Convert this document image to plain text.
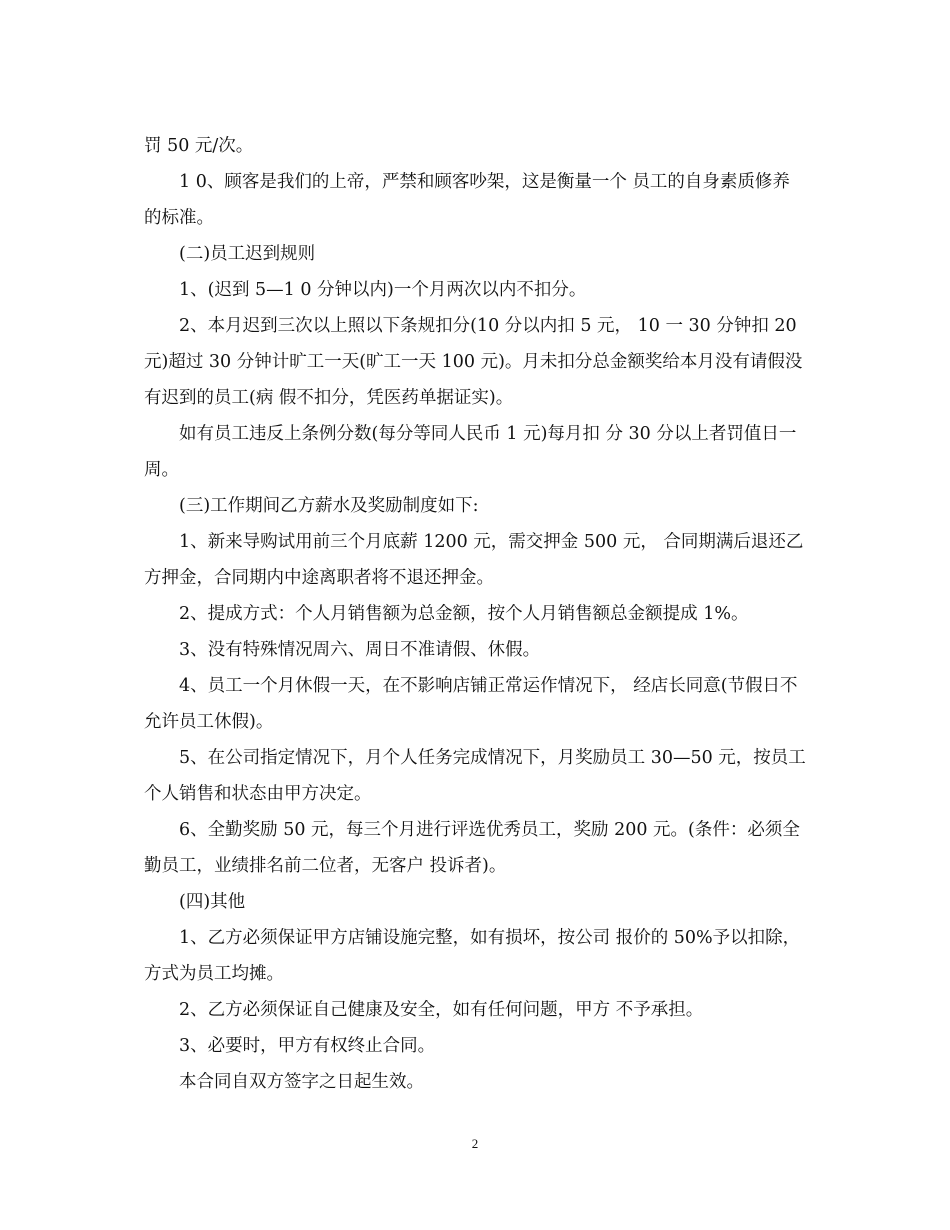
罚 50 元/次。

1 0、顾客是我们的上帝，严禁和顾客吵架，这是衡量一个 员工的自身素质修养的标准。

(二)员工迟到规则

1、(迟到 5—1 0 分钟以内)一个月两次以内不扣分。

2、本月迟到三次以上照以下条规扣分(10 分以内扣 5 元， 10 一 30 分钟扣 20 元)超过 30 分钟计旷工一天(旷工一天 100 元)。月未扣分总金额奖给本月没有请假没有迟到的员工(病 假不扣分，凭医药单据证实)。

如有员工违反上条例分数(每分等同人民币 1 元)每月扣 分 30 分以上者罚值日一周。

(三)工作期间乙方薪水及奖励制度如下:

1、新来导购试用前三个月底薪 1200 元，需交押金 500 元， 合同期满后退还乙方押金，合同期内中途离职者将不退还押金。

2、提成方式：个人月销售额为总金额，按个人月销售额总金额提成 1%。

3、没有特殊情况周六、周日不准请假、休假。

4、员工一个月休假一天，在不影响店铺正常运作情况下， 经店长同意(节假日不允许员工休假)。

5、在公司指定情况下，月个人任务完成情况下，月奖励员工 30—50 元，按员工个人销售和状态由甲方决定。

6、全勤奖励 50 元，每三个月进行评选优秀员工，奖励 200 元。(条件：必须全勤员工，业绩排名前二位者，无客户 投诉者)。

(四)其他

1、乙方必须保证甲方店铺设施完整，如有损坏，按公司 报价的 50%予以扣除，方式为员工均摊。

2、乙方必须保证自己健康及安全，如有任何问题，甲方 不予承担。

3、必要时，甲方有权终止合同。

本合同自双方签字之日起生效。

2
